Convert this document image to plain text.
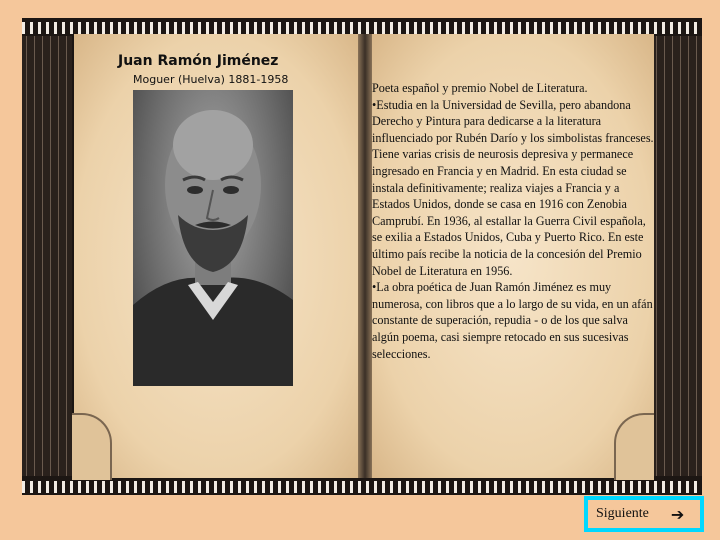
Juan Ramón Jiménez
Moguer (Huelva) 1881-1958

Poeta español y premio Nobel de Literatura.

•Estudia en la Universidad de Sevilla, pero abandona Derecho y Pintura para dedicarse a la literatura influenciado por Rubén Darío y los simbolistas franceses. Tiene varias crisis de neurosis depresiva y permanece ingresado en Francia y en Madrid. En esta ciudad se instala definitivamente; realiza viajes a Francia y a Estados Unidos, donde se casa en 1916 con Zenobia Camprubí. En 1936, al estallar la Guerra Civil española, se exilia a Estados Unidos, Cuba y Puerto Rico. En este último país recibe la noticia de la concesión del Premio Nobel de Literatura en 1956.

•La obra poética de Juan Ramón Jiménez es muy numerosa, con libros que a lo largo de su vida, en un afán constante de superación, repudia - o de los que salva algún poema, casi siempre retocado en sus sucesivas selecciones.

Siguiente ➔
